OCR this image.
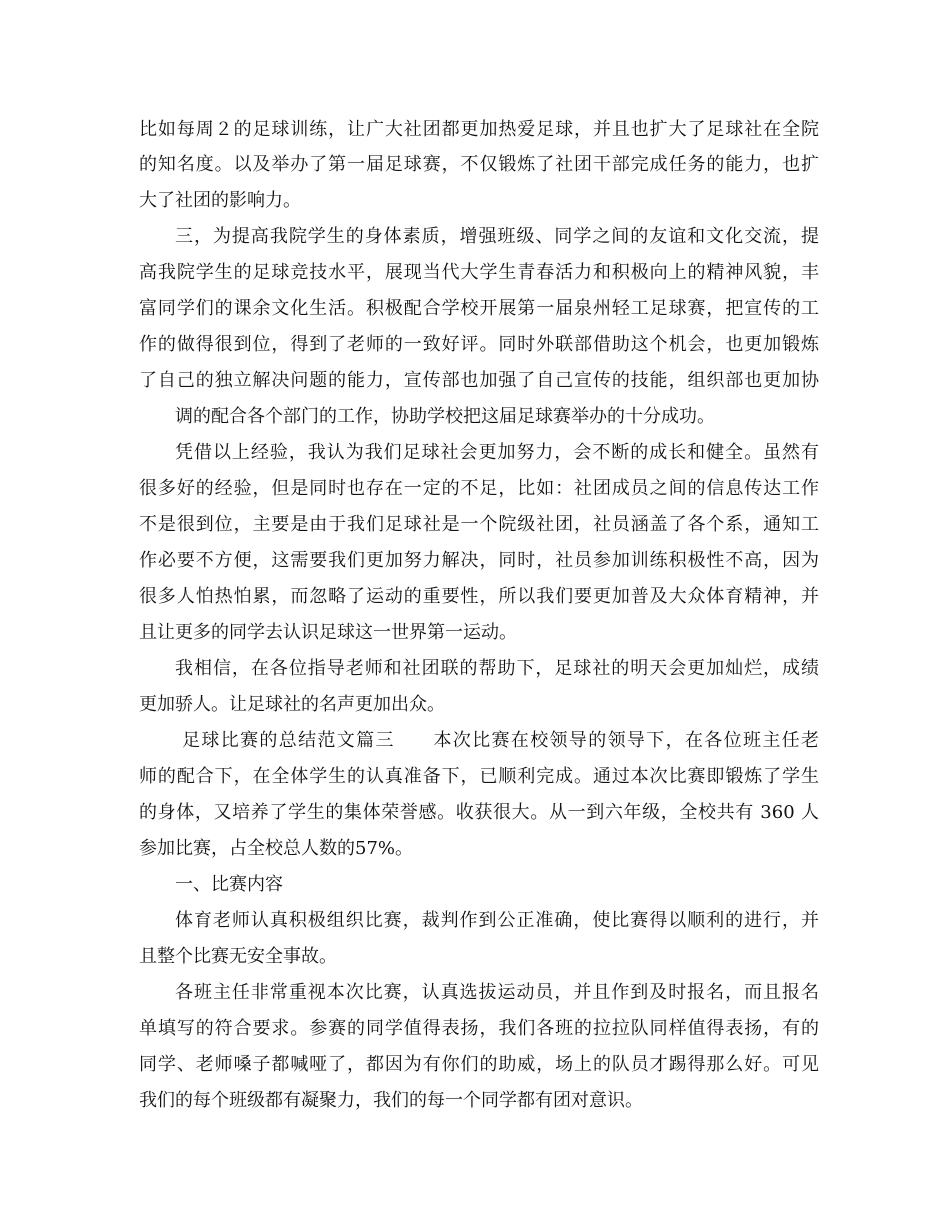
比如每周２的足球训练，让广大社团都更加热爱足球，并且也扩大了足球社在全院
的知名度。以及举办了第一届足球赛，不仅锻炼了社团干部完成任务的能力，也扩
大了社团的影响力。
三，为提高我院学生的身体素质，增强班级、同学之间的友谊和文化交流，提
高我院学生的足球竞技水平，展现当代大学生青春活力和积极向上的精神风貌，丰
富同学们的课余文化生活。积极配合学校开展第一届泉州轻工足球赛，把宣传的工
作的做得很到位，得到了老师的一致好评。同时外联部借助这个机会，也更加锻炼
了自己的独立解决问题的能力，宣传部也加强了自己宣传的技能，组织部也更加协
调的配合各个部门的工作，协助学校把这届足球赛举办的十分成功。
凭借以上经验，我认为我们足球社会更加努力，会不断的成长和健全。虽然有
很多好的经验，但是同时也存在一定的不足，比如：社团成员之间的信息传达工作
不是很到位，主要是由于我们足球社是一个院级社团，社员涵盖了各个系，通知工
作必要不方便，这需要我们更加努力解决，同时，社员参加训练积极性不高，因为
很多人怕热怕累，而忽略了运动的重要性，所以我们要更加普及大众体育精神，并
且让更多的同学去认识足球这一世界第一运动。
我相信，在各位指导老师和社团联的帮助下，足球社的明天会更加灿烂，成绩
更加骄人。让足球社的名声更加出众。
足球比赛的总结范文篇三　　本次比赛在校领导的领导下，在各位班主任老
师的配合下，在全体学生的认真准备下，已顺利完成。通过本次比赛即锻炼了学生
的身体，又培养了学生的集体荣誉感。收获很大。从一到六年级，全校共有 360 人
参加比赛，占全校总人数的57%。
一、比赛内容
体育老师认真积极组织比赛，裁判作到公正准确，使比赛得以顺利的进行，并
且整个比赛无安全事故。
各班主任非常重视本次比赛，认真选拔运动员，并且作到及时报名，而且报名
单填写的符合要求。参赛的同学值得表扬，我们各班的拉拉队同样值得表扬，有的
同学、老师嗓子都喊哑了，都因为有你们的助威，场上的队员才踢得那么好。可见
我们的每个班级都有凝聚力，我们的每一个同学都有团对意识。
